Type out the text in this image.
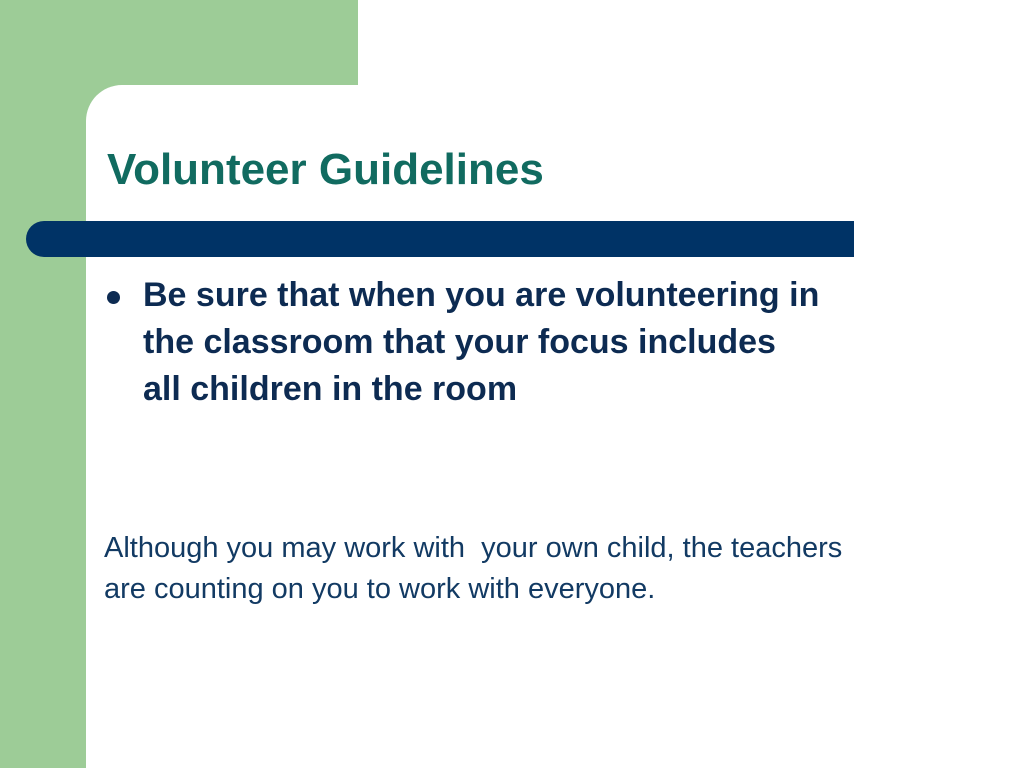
Volunteer Guidelines

Be sure that when you are volunteering in the classroom that your focus includes all children in the room

Although you may work with  your own child, the teachers are counting on you to work with everyone.
